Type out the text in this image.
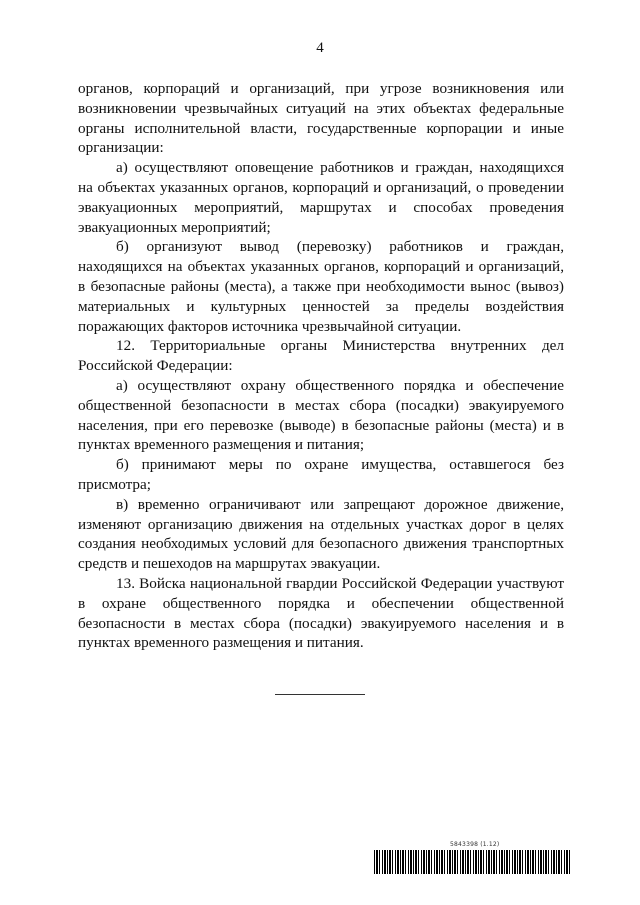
4

органов, корпораций и организаций, при угрозе возникновения или возникновении чрезвычайных ситуаций на этих объектах федеральные органы исполнительной власти, государственные корпорации и иные организации:

а) осуществляют оповещение работников и граждан, находящихся на объектах указанных органов, корпораций и организаций, о проведении эвакуационных мероприятий, маршрутах и способах проведения эвакуационных мероприятий;

б) организуют вывод (перевозку) работников и граждан, находящихся на объектах указанных органов, корпораций и организаций, в безопасные районы (места), а также при необходимости вынос (вывоз) материальных и культурных ценностей за пределы воздействия поражающих факторов источника чрезвычайной ситуации.

12. Территориальные органы Министерства внутренних дел Российской Федерации:

а) осуществляют охрану общественного порядка и обеспечение общественной безопасности в местах сбора (посадки) эвакуируемого населения, при его перевозке (выводе) в безопасные районы (места) и в пунктах временного размещения и питания;

б) принимают меры по охране имущества, оставшегося без присмотра;

в) временно ограничивают или запрещают дорожное движение, изменяют организацию движения на отдельных участках дорог в целях создания необходимых условий для безопасного движения транспортных средств и пешеходов на маршрутах эвакуации.

13. Войска национальной гвардии Российской Федерации участвуют в охране общественного порядка и обеспечении общественной безопасности в местах сбора (посадки) эвакуируемого населения и в пунктах временного размещения и питания.

5843398 (1.12)
